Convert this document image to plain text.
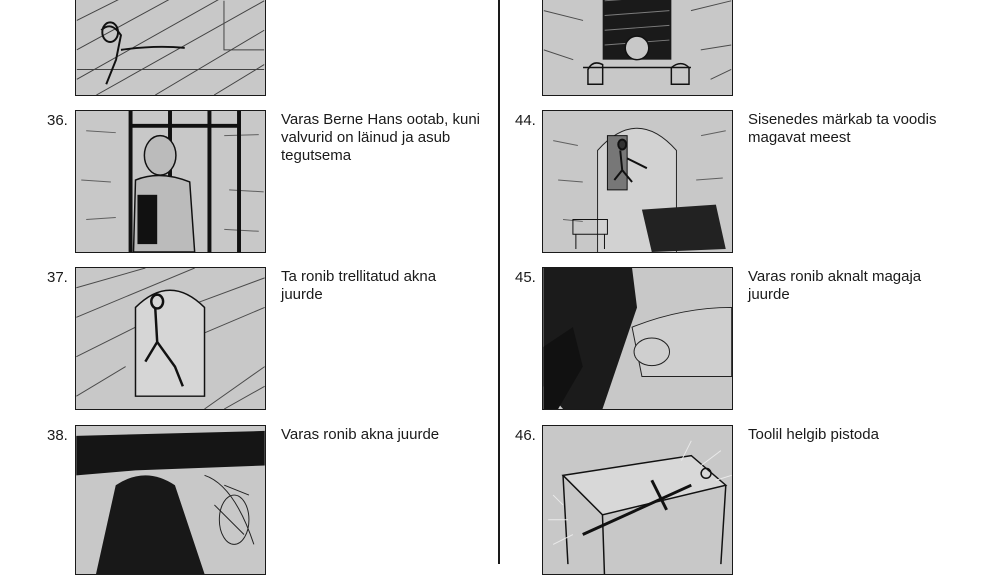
36.	Varas Berne Hans ootab, kuni valvurid on läinud ja asub tegutsema
37.	Ta ronib trellitatud akna juurde
38.	Varas ronib akna juurde
44.	Sisenedes märkab ta voodis magavat meest
45.	Varas ronib aknalt magaja juurde
46.	Toolil helgib pistoda
